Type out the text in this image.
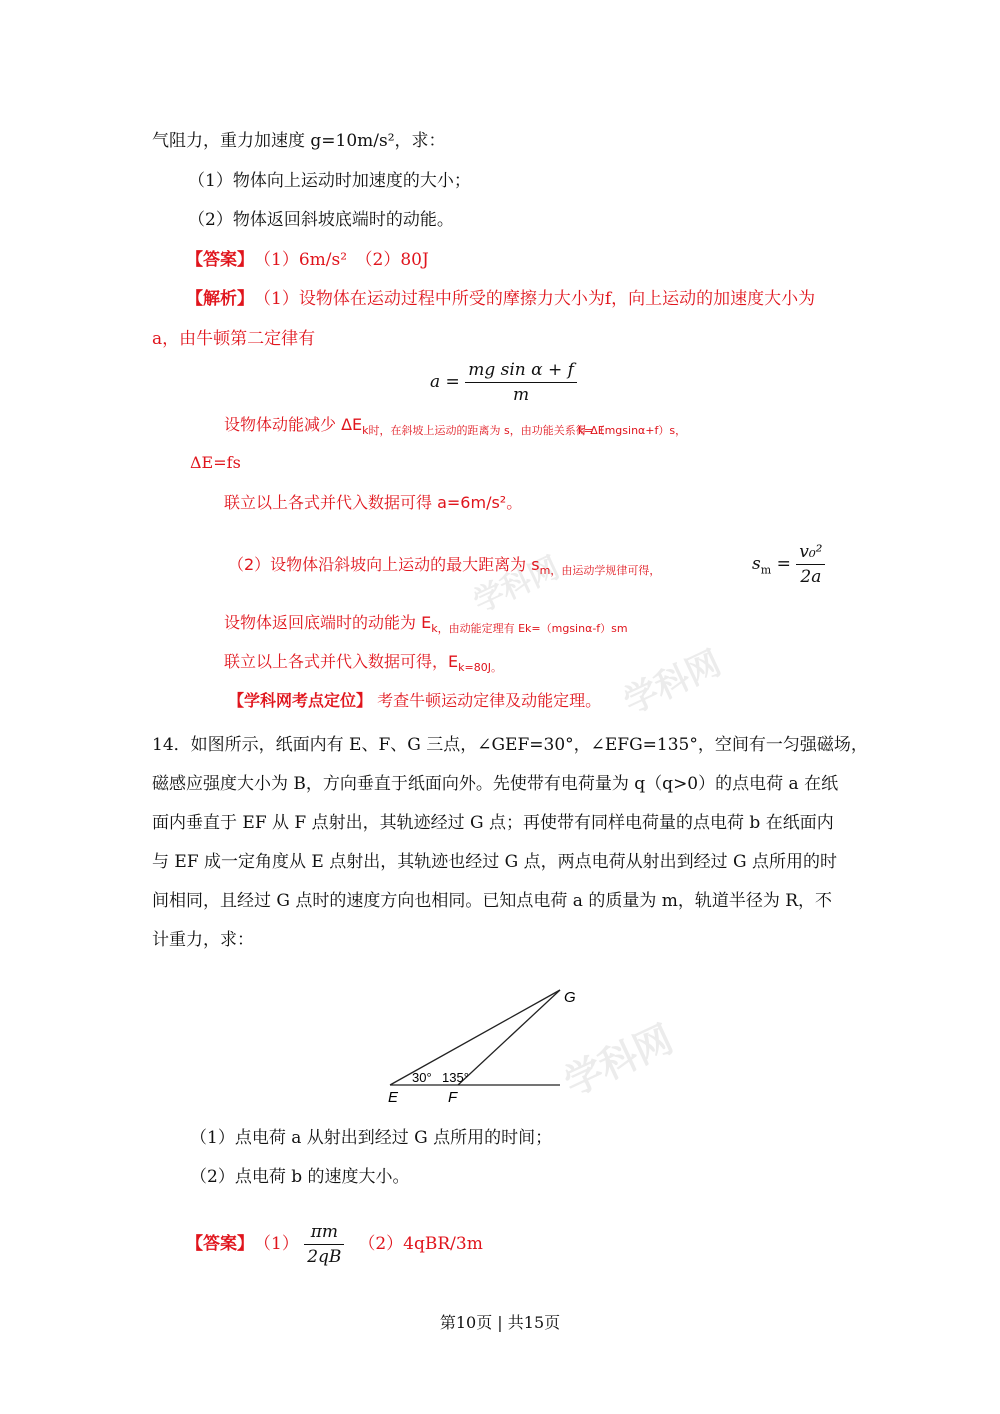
学科网
学科网
学科网
气阻力，重力加速度 g=10m/s²，求：
（1）物体向上运动时加速度的大小；
（2）物体返回斜坡底端时的动能。
【答案】　 （1）6m/s²　（2）80J
【解析】　 （1）设物体在运动过程中所受的摩擦力大小为f，向上运动的加速度大小为
a，由牛顿第二定律有
$a = \frac{\text{mg sin α + f}}{m}$
设物体动能减少 $\Delta E_{k时,在斜坡上运动的距离为 s,由功能关系得 \Delta E}$
$_{k=(mgsin\alpha+f)s,}$
ΔE=fs
联立以上各式并代入数据可得 a=6m/s²。
（2）设物体沿斜坡向上运动的最大距离为 $s_{m,由运动学规律可得,}$	$s_m = \frac{\text{v₀²}}{2a}$
设物体返回底端时的动能为 $E_{k,由动能定理有 Ek=(mgsin\alpha-f)sm}$
联立以上各式并代入数据可得，$E_{k=80J。}$
【学科网考点定位】 考查牛顿运动定律及动能定理。
14．如图所示，纸面内有 E、F、G 三点，∠GEF=30°，∠EFG=135°，空间有一匀强磁场，
磁感应强度大小为 B，方向垂直于纸面向外。先使带有电荷量为 q（q>0）的点电荷 a 在纸
面内垂直于 EF 从 F 点射出，其轨迹经过 G 点；再使带有同样电荷量的点电荷 b 在纸面内
与 EF 成一定角度从 E 点射出，其轨迹也经过 G 点，两点电荷从射出到经过 G 点所用的时
间相同，且经过 G 点时的速度方向也相同。已知点电荷 a 的质量为 m，轨道半径为 R，不
计重力，求：
G
E	F
30° 135°
（1）点电荷 a 从射出到经过 G 点所用的时间；
（2）点电荷 b 的速度大小。
【答案】　 $(1) \frac{\pi m}{2qB}$
　 （2）4qBR/3m
第10页 | 共15页
